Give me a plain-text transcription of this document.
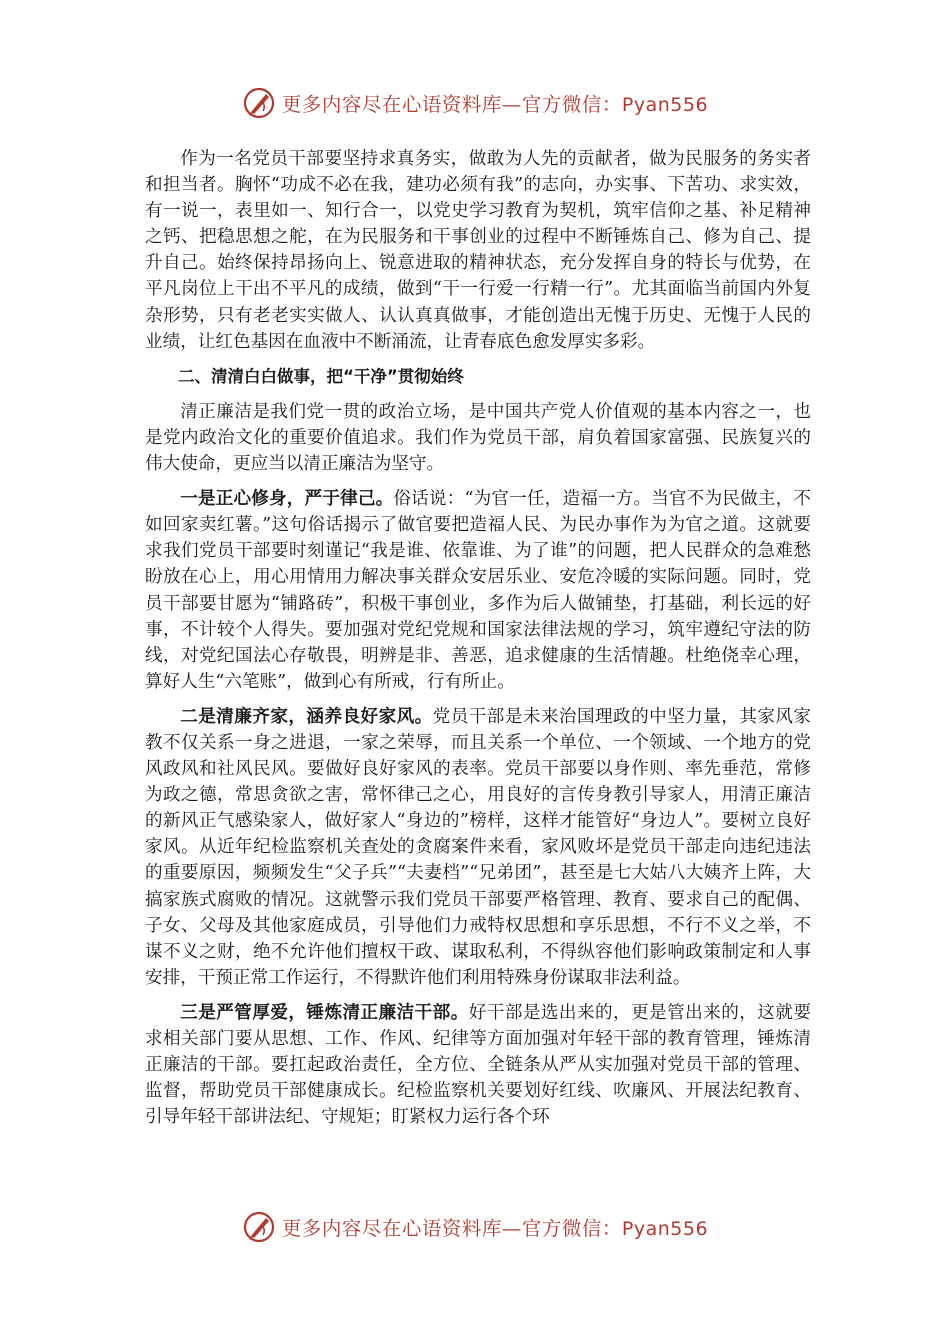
更多内容尽在心语资料库—官方微信：Pyan556

作为一名党员干部要坚持求真务实，做敢为人先的贡献者，做为民服务的务实者和担当者。胸怀“功成不必在我，建功必须有我”的志向，办实事、下苦功、求实效，有一说一，表里如一、知行合一，以党史学习教育为契机，筑牢信仰之基、补足精神之钙、把稳思想之舵，在为民服务和干事创业的过程中不断锤炼自己、修为自己、提升自己。始终保持昂扬向上、锐意进取的精神状态，充分发挥自身的特长与优势，在平凡岗位上干出不平凡的成绩，做到“干一行爱一行精一行”。尤其面临当前国内外复杂形势，只有老老实实做人、认认真真做事，才能创造出无愧于历史、无愧于人民的业绩，让红色基因在血液中不断涌流，让青春底色愈发厚实多彩。

二、清清白白做事，把“干净”贯彻始终

清正廉洁是我们党一贯的政治立场，是中国共产党人价值观的基本内容之一，也是党内政治文化的重要价值追求。我们作为党员干部，肩负着国家富强、民族复兴的伟大使命，更应当以清正廉洁为坚守。

一是正心修身，严于律己。俗话说：“为官一任，造福一方。当官不为民做主，不如回家卖红薯。”这句俗话揭示了做官要把造福人民、为民办事作为为官之道。这就要求我们党员干部要时刻谨记“我是谁、依靠谁、为了谁”的问题，把人民群众的急难愁盼放在心上，用心用情用力解决事关群众安居乐业、安危冷暖的实际问题。同时，党员干部要甘愿为“铺路砖”，积极干事创业，多作为后人做铺垫，打基础，利长远的好事，不计较个人得失。要加强对党纪党规和国家法律法规的学习，筑牢遵纪守法的防线，对党纪国法心存敬畏，明辨是非、善恶，追求健康的生活情趣。杜绝侥幸心理，算好人生“六笔账”，做到心有所戒，行有所止。

二是清廉齐家，涵养良好家风。党员干部是未来治国理政的中坚力量，其家风家教不仅关系一身之进退，一家之荣辱，而且关系一个单位、一个领域、一个地方的党风政风和社风民风。要做好良好家风的表率。党员干部要以身作则、率先垂范，常修为政之德，常思贪欲之害，常怀律己之心，用良好的言传身教引导家人，用清正廉洁的新风正气感染家人，做好家人“身边的”榜样，这样才能管好“身边人”。要树立良好家风。从近年纪检监察机关查处的贪腐案件来看，家风败坏是党员干部走向违纪违法的重要原因，频频发生“父子兵”“夫妻档”“兄弟团”，甚至是七大姑八大姨齐上阵，大搞家族式腐败的情况。这就警示我们党员干部要严格管理、教育、要求自己的配偶、子女、父母及其他家庭成员，引导他们力戒特权思想和享乐思想，不行不义之举，不谋不义之财，绝不允许他们擅权干政、谋取私利，不得纵容他们影响政策制定和人事安排，干预正常工作运行，不得默许他们利用特殊身份谋取非法利益。

三是严管厚爱，锤炼清正廉洁干部。好干部是选出来的，更是管出来的，这就要求相关部门要从思想、工作、作风、纪律等方面加强对年轻干部的教育管理，锤炼清正廉洁的干部。要扛起政治责任，全方位、全链条从严从实加强对党员干部的管理、监督，帮助党员干部健康成长。纪检监察机关要划好红线、吹廉风、开展法纪教育、引导年轻干部讲法纪、守规矩；盯紧权力运行各个环

更多内容尽在心语资料库—官方微信：Pyan556
